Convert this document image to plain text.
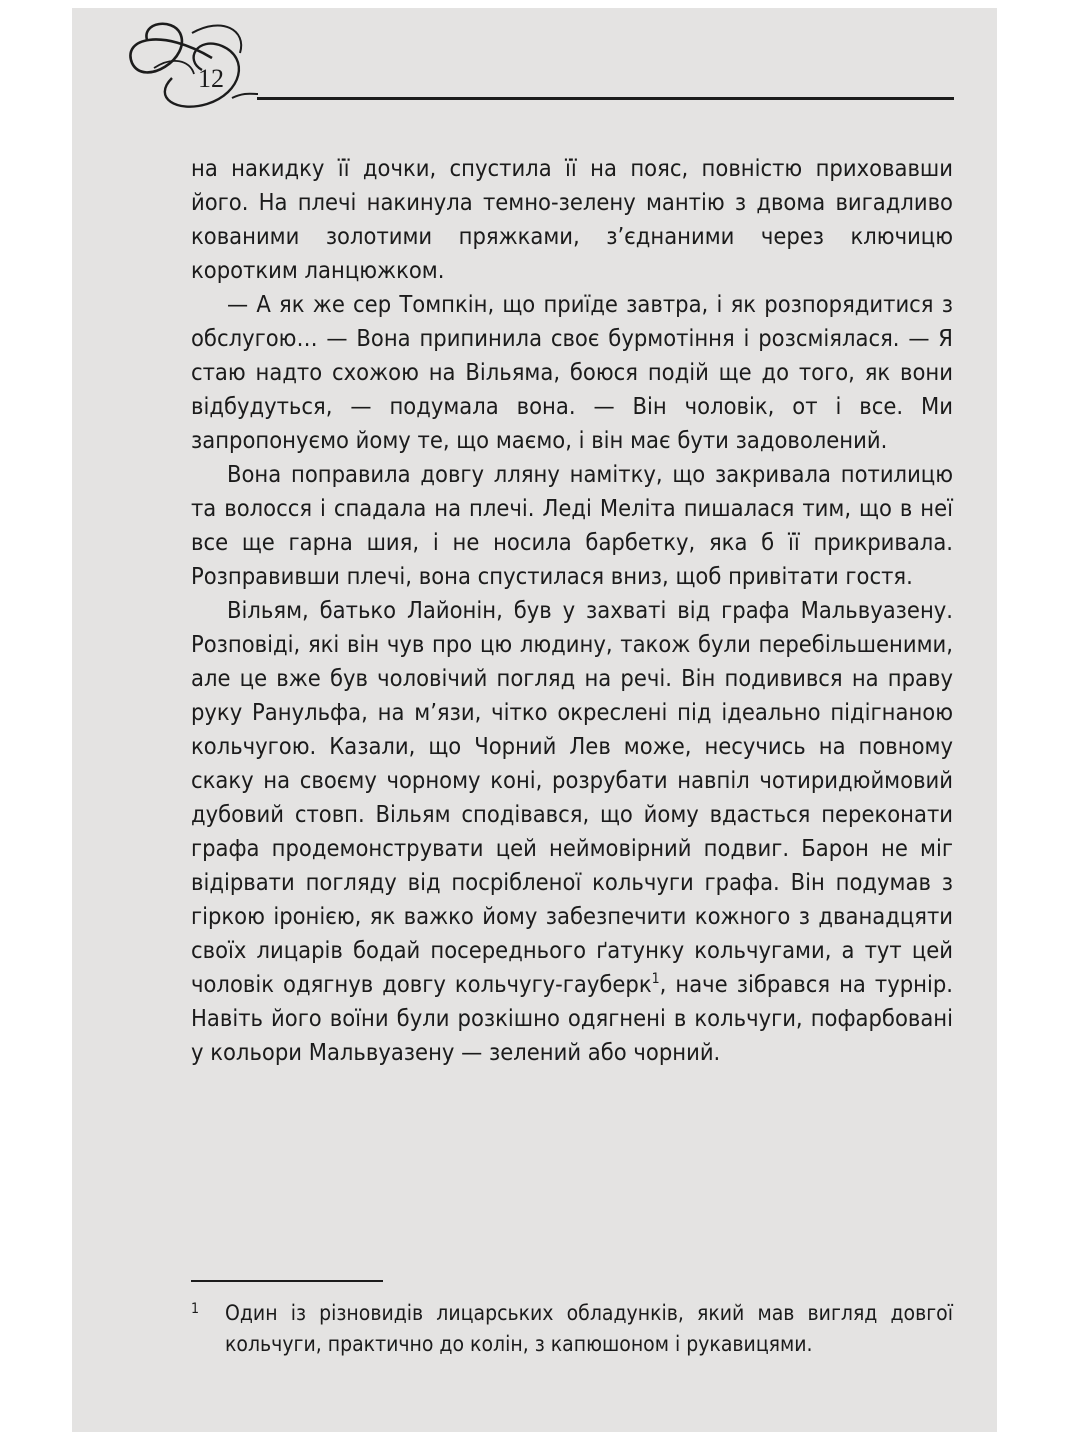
12

на накидку її дочки, спустила її на пояс, повністю приховавши його. На плечі накинула темно-зелену мантію з двома вигадливо кованими золотими пряжками, з’єднаними через ключицю коротким ланцюжком.

— А як же сер Томпкін, що приїде завтра, і як розпорядитися з обслугою… — Вона припинила своє бурмотіння і розсміялася. — Я стаю надто схожою на Вільяма, боюся подій ще до того, як вони відбудуться, — подумала вона. — Він чоловік, от і все. Ми запропонуємо йому те, що маємо, і він має бути задоволений.

Вона поправила довгу лляну намітку, що закривала потилицю та волосся і спадала на плечі. Леді Меліта пишалася тим, що в неї все ще гарна шия, і не носила барбетку, яка б її прикривала. Розправивши плечі, вона спустилася вниз, щоб привітати гостя.

Вільям, батько Лайонін, був у захваті від графа Мальвуазену. Розповіді, які він чув про цю людину, також були перебільшеними, але це вже був чоловічий погляд на речі. Він подивився на праву руку Ранульфа, на м’язи, чітко окреслені під ідеально підігнаною кольчугою. Казали, що Чорний Лев може, несучись на повному скаку на своєму чорному коні, розрубати навпіл чотиридюймовий дубовий стовп. Вільям сподівався, що йому вдасться переконати графа продемонструвати цей неймовірний подвиг. Барон не міг відірвати погляду від посрібленої кольчуги графа. Він подумав з гіркою іронією, як важко йому забезпечити кожного з дванадцяти своїх лицарів бодай посереднього ґатунку кольчугами, а тут цей чоловік одягнув довгу кольчугу-гауберк$^1$, наче зібрався на турнір. Навіть його воїни були розкішно одягнені в кольчуги, пофарбовані у кольори Мальвуазену — зелений або чорний.

1	Один із різновидів лицарських обладунків, який мав вигляд довгої кольчуги, практично до колін, з капюшоном і рукавицями.
